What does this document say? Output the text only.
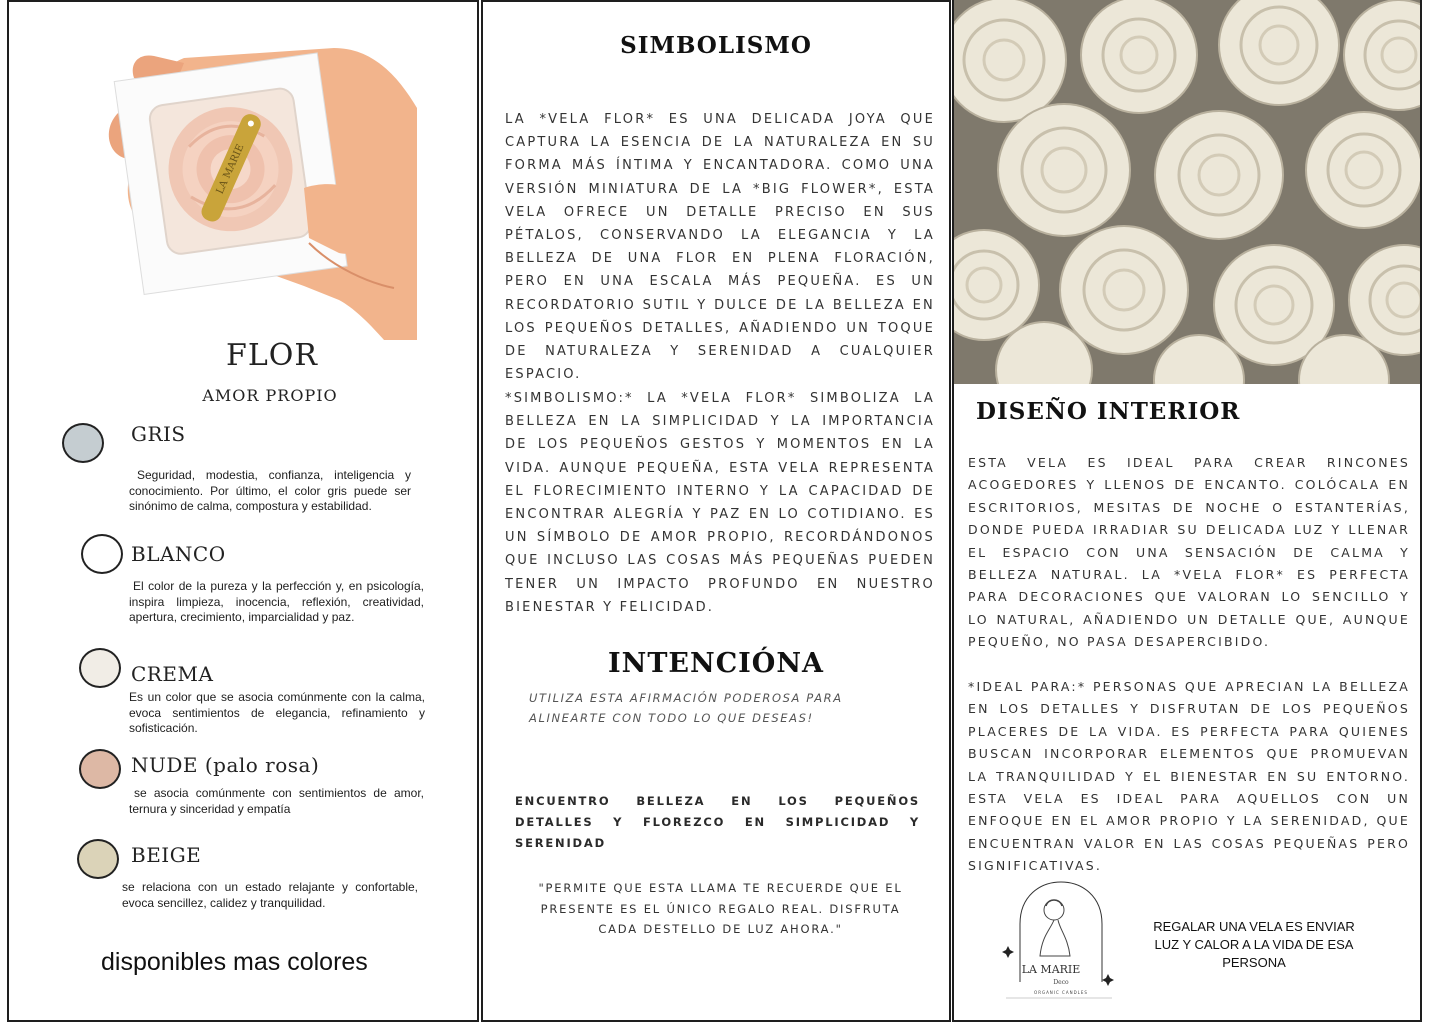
LA MARIE
FLOR
AMOR PROPIO
GRIS
Seguridad, modestia, confianza, inteligencia y conocimiento. Por último, el color gris puede ser sinónimo de calma, compostura y estabilidad.
BLANCO
El color de la pureza y la perfección y, en psicología, inspira limpieza, inocencia, reflexión, creatividad, apertura, crecimiento, imparcialidad y paz.
CREMA
Es un color que se asocia comúnmente con la calma, evoca sentimientos de elegancia, refinamiento y sofisticación.
NUDE (palo rosa)
se asocia comúnmente con sentimientos de amor, ternura y sinceridad y empatía
BEIGE
se relaciona con un estado relajante y confortable, evoca sencillez, calidez y tranquilidad.
disponibles mas colores
SIMBOLISMO
LA *VELA FLOR* ES UNA DELICADA JOYA QUE CAPTURA LA ESENCIA DE LA NATURALEZA EN SU FORMA MÁS ÍNTIMA Y ENCANTADORA. COMO UNA VERSIÓN MINIATURA DE LA *BIG FLOWER*, ESTA VELA OFRECE UN DETALLE PRECISO EN SUS PÉTALOS, CONSERVANDO LA ELEGANCIA Y LA BELLEZA DE UNA FLOR EN PLENA FLORACIÓN, PERO EN UNA ESCALA MÁS PEQUEÑA. ES UN RECORDATORIO SUTIL Y DULCE DE LA BELLEZA EN LOS PEQUEÑOS DETALLES, AÑADIENDO UN TOQUE DE NATURALEZA Y SERENIDAD A CUALQUIER ESPACIO.
*SIMBOLISMO:* LA *VELA FLOR* SIMBOLIZA LA BELLEZA EN LA SIMPLICIDAD Y LA IMPORTANCIA DE LOS PEQUEÑOS GESTOS Y MOMENTOS EN LA VIDA. AUNQUE PEQUEÑA, ESTA VELA REPRESENTA EL FLORECIMIENTO INTERNO Y LA CAPACIDAD DE ENCONTRAR ALEGRÍA Y PAZ EN LO COTIDIANO. ES UN SÍMBOLO DE AMOR PROPIO, RECORDÁNDONOS QUE INCLUSO LAS COSAS MÁS PEQUEÑAS PUEDEN TENER UN IMPACTO PROFUNDO EN NUESTRO BIENESTAR Y FELICIDAD.
INTENCIÓNA
UTILIZA ESTA AFIRMACIÓN PODEROSA PARA ALINEARTE CON TODO LO QUE DESEAS!
ENCUENTRO BELLEZA EN LOS PEQUEÑOS DETALLES Y FLOREZCO EN SIMPLICIDAD Y SERENIDAD
"PERMITE QUE ESTA LLAMA TE RECUERDE QUE EL PRESENTE ES EL ÚNICO REGALO REAL. DISFRUTA CADA DESTELLO DE LUZ AHORA."
DISEÑO INTERIOR
ESTA VELA ES IDEAL PARA CREAR RINCONES ACOGEDORES Y LLENOS DE ENCANTO. COLÓCALA EN ESCRITORIOS, MESITAS DE NOCHE O ESTANTERÍAS, DONDE PUEDA IRRADIAR SU DELICADA LUZ Y LLENAR EL ESPACIO CON UNA SENSACIÓN DE CALMA Y BELLEZA NATURAL. LA *VELA FLOR* ES PERFECTA PARA DECORACIONES QUE VALORAN LO SENCILLO Y LO NATURAL, AÑADIENDO UN DETALLE QUE, AUNQUE PEQUEÑO, NO PASA DESAPERCIBIDO.
*IDEAL PARA:* PERSONAS QUE APRECIAN LA BELLEZA EN LOS DETALLES Y DISFRUTAN DE LOS PEQUEÑOS PLACERES DE LA VIDA. ES PERFECTA PARA QUIENES BUSCAN INCORPORAR ELEMENTOS QUE PROMUEVAN LA TRANQUILIDAD Y EL BIENESTAR EN SU ENTORNO. ESTA VELA ES IDEAL PARA AQUELLOS CON UN ENFOQUE EN EL AMOR PROPIO Y LA SERENIDAD, QUE ENCUENTRAN VALOR EN LAS COSAS PEQUEÑAS PERO SIGNIFICATIVAS.
LA MARIE
Deco
ORGANIC CANDLES
REGALAR UNA VELA ES ENVIAR LUZ Y CALOR A LA VIDA DE ESA PERSONA
